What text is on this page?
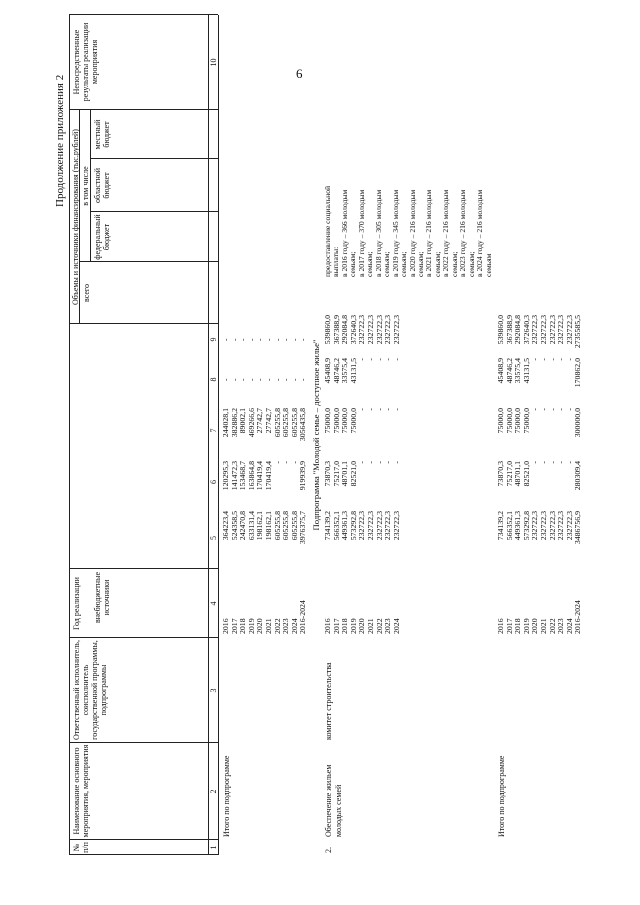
6
Продолжение приложения 2
№ п/п
Наименование основного мероприятия, мероприятия
Ответственный исполнитель, соисполнитель государственной программы, подпрограммы
Год реализации
Объемы и источники финансирования (тыс.рублей) всего
в том числе
федеральный бюджет
областной бюджет
местный бюджет
внебюджетные источники
Непосредственные результаты реализации мероприятия
1
2
3
4
5
6
7
8
9
10
Итого по подпрограмме
2016
2017
2018
2019
2020
2021
2022
2023
2024
2016-2024
364223,4
524358,5
242470,8
633131,4
198162,1
198162,1
605255,8
605255,8
605255,8
3976375,7
120295,3
141472,3
153468,7
163864,8
170419,4
170419,4
-
-
-
919939,9
244028,1
382886,2
89002,1
469266,6
27742,7
27742,7
605255,8
605255,8
605255,8
3056435,8
-
-
-
-
-
-
-
-
-
-
-
-
-
-
-
-
-
-
-
- Подпрограмма "Молодой семье – доступное жилье"
2.
Обеспечение жильем молодых семей
комитет строительства
2016
2017
2018
2019
2020
2021
2022
2023
2024
734139,2
566352,1
449361,3
573292,8
232722,3
232722,3
232722,3
232722,3
232722,3
73870,3
75217,0
48701,1
82521,0
-
-
-
-
-
75000,0
75000,0
75000,0
75000,0
-
-
-
-
-
45408,9
48746,2
33575,4
43131,5
-
-
-
-
-
539860,0
367388,9
292084,8
372640,3
232722,3
232722,3
232722,3
232722,3
232722,3
предоставление социальной выплаты: в 2016 году – 366 молодым семьям; в 2017 году – 370 молодым семьям; в 2018 году – 305 молодым семьям; в 2019 году – 345 молодым семьям; в 2020 году – 216 молодым семьям; в 2021 году – 216 молодым семьям; в 2022 году – 216 молодым семьям; в 2023 году – 216 молодым семьям; в 2024 году – 216 молодым семьям
Итого по подпрограмме
2016
2017
2018
2019
2020
2021
2022
2023
2024
2016-2024
734139,2
566352,1
449361,3
573292,8
232722,3
232722,3
232722,3
232722,3
232722,3
3486756,9
73870,3
75217,0
48701,1
82521,0
-
-
-
-
-
280309,4
75000,0
75000,0
75000,0
75000,0
-
-
-
-
-
300000,0
45408,9
48746,2
33575,4
43131,5
-
-
-
-
-
170862,0
539860,0
367388,9
292084,8
372640,3
232722,3
232722,3
232722,3
232722,3
232722,3
2735585,5
